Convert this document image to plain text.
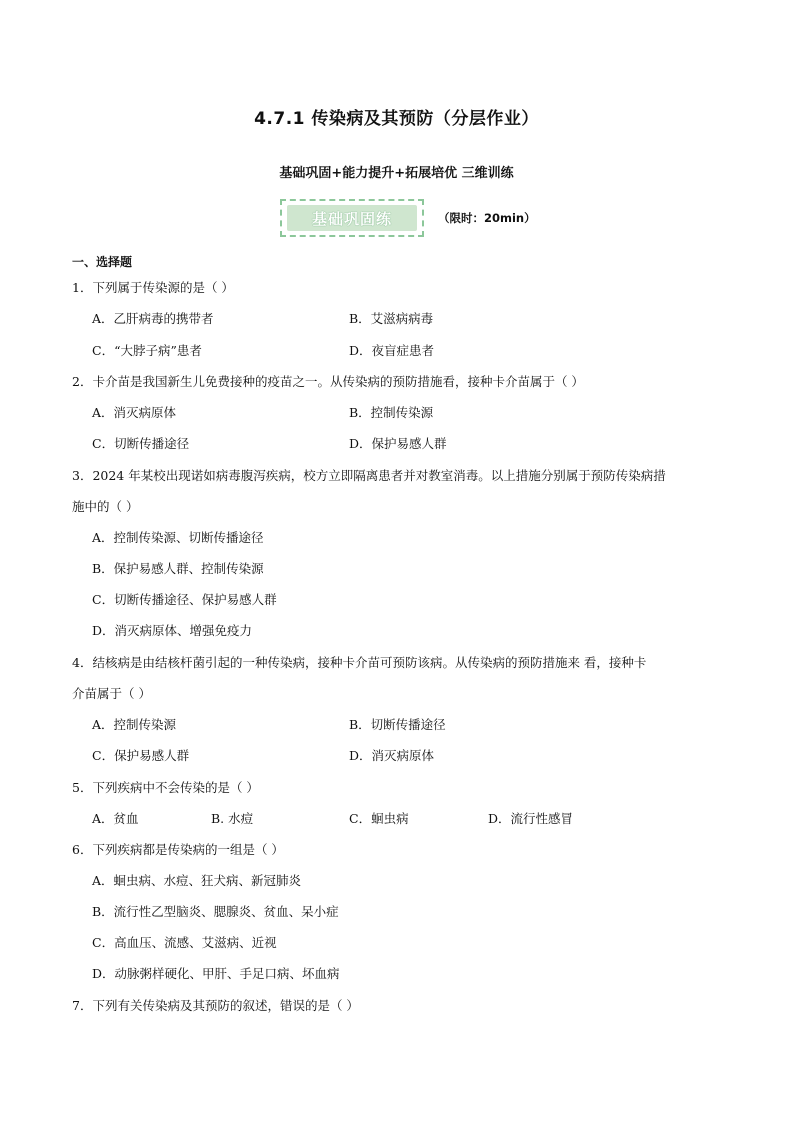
4.7.1 传染病及其预防（分层作业）
基础巩固+能力提升+拓展培优 三维训练
基础巩固练	（限时：20min）
一、选择题
1．下列属于传染源的是（ ）
A．乙肝病毒的携带者	B．艾滋病病毒
C．“大脖子病”患者	D．夜盲症患者
2．卡介苗是我国新生儿免费接种的疫苗之一。从传染病的预防措施看，接种卡介苗属于（ ）
A．消灭病原体	B．控制传染源
C．切断传播途径	D．保护易感人群
3．2024 年某校出现诺如病毒腹泻疾病，校方立即隔离患者并对教室消毒。以上措施分别属于预防传染病措
施中的（ ）
A．控制传染源、切断传播途径
B．保护易感人群、控制传染源
C．切断传播途径、保护易感人群
D．消灭病原体、增强免疫力
4．结核病是由结核杆菌引起的一种传染病，接种卡介苗可预防该病。从传染病的预防措施来 看，接种卡
介苗属于（ ）
A．控制传染源	B．切断传播途径
C．保护易感人群	D．消灭病原体
5．下列疾病中不会传染的是（ ）
A．贫血	B. 水痘	C．蛔虫病	D．流行性感冒
6．下列疾病都是传染病的一组是（ ）
A．蛔虫病、水痘、狂犬病、新冠肺炎
B．流行性乙型脑炎、腮腺炎、贫血、呆小症
C．高血压、流感、艾滋病、近视
D．动脉粥样硬化、甲肝、手足口病、坏血病
7．下列有关传染病及其预防的叙述，错误的是（ ）
